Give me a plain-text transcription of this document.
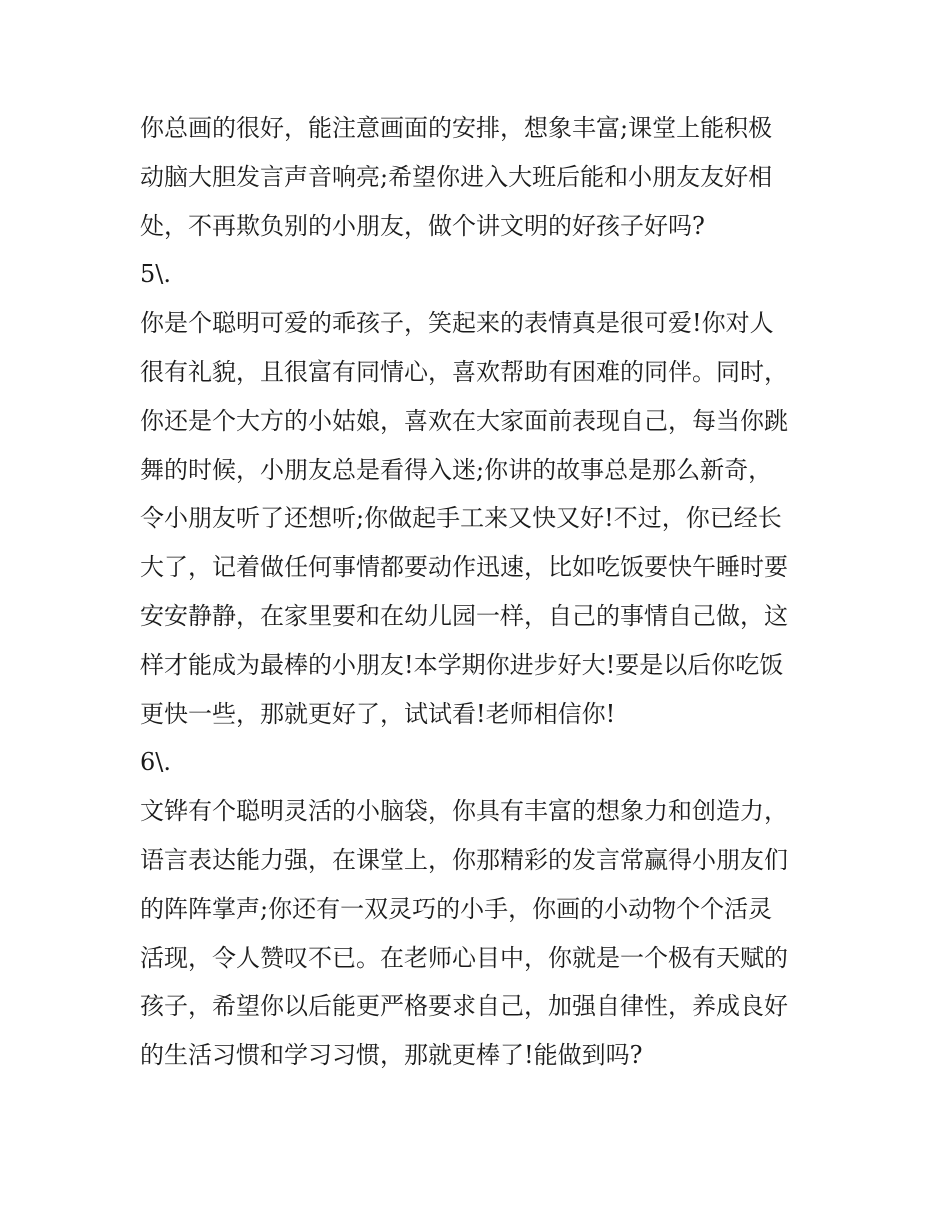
你总画的很好，能注意画面的安排，想象丰富;课堂上能积极
动脑大胆发言声音响亮;希望你进入大班后能和小朋友友好相
处，不再欺负别的小朋友，做个讲文明的好孩子好吗?
5\.
你是个聪明可爱的乖孩子，笑起来的表情真是很可爱!你对人
很有礼貌，且很富有同情心，喜欢帮助有困难的同伴。同时，
你还是个大方的小姑娘，喜欢在大家面前表现自己，每当你跳
舞的时候，小朋友总是看得入迷;你讲的故事总是那么新奇，
令小朋友听了还想听;你做起手工来又快又好!不过，你已经长
大了，记着做任何事情都要动作迅速，比如吃饭要快午睡时要
安安静静，在家里要和在幼儿园一样，自己的事情自己做，这
样才能成为最棒的小朋友!本学期你进步好大!要是以后你吃饭
更快一些，那就更好了，试试看!老师相信你!
6\.
文铧有个聪明灵活的小脑袋，你具有丰富的想象力和创造力，
语言表达能力强，在课堂上，你那精彩的发言常赢得小朋友们
的阵阵掌声;你还有一双灵巧的小手，你画的小动物个个活灵
活现，令人赞叹不已。在老师心目中，你就是一个极有天赋的
孩子，希望你以后能更严格要求自己，加强自律性，养成良好
的生活习惯和学习习惯，那就更棒了!能做到吗?
